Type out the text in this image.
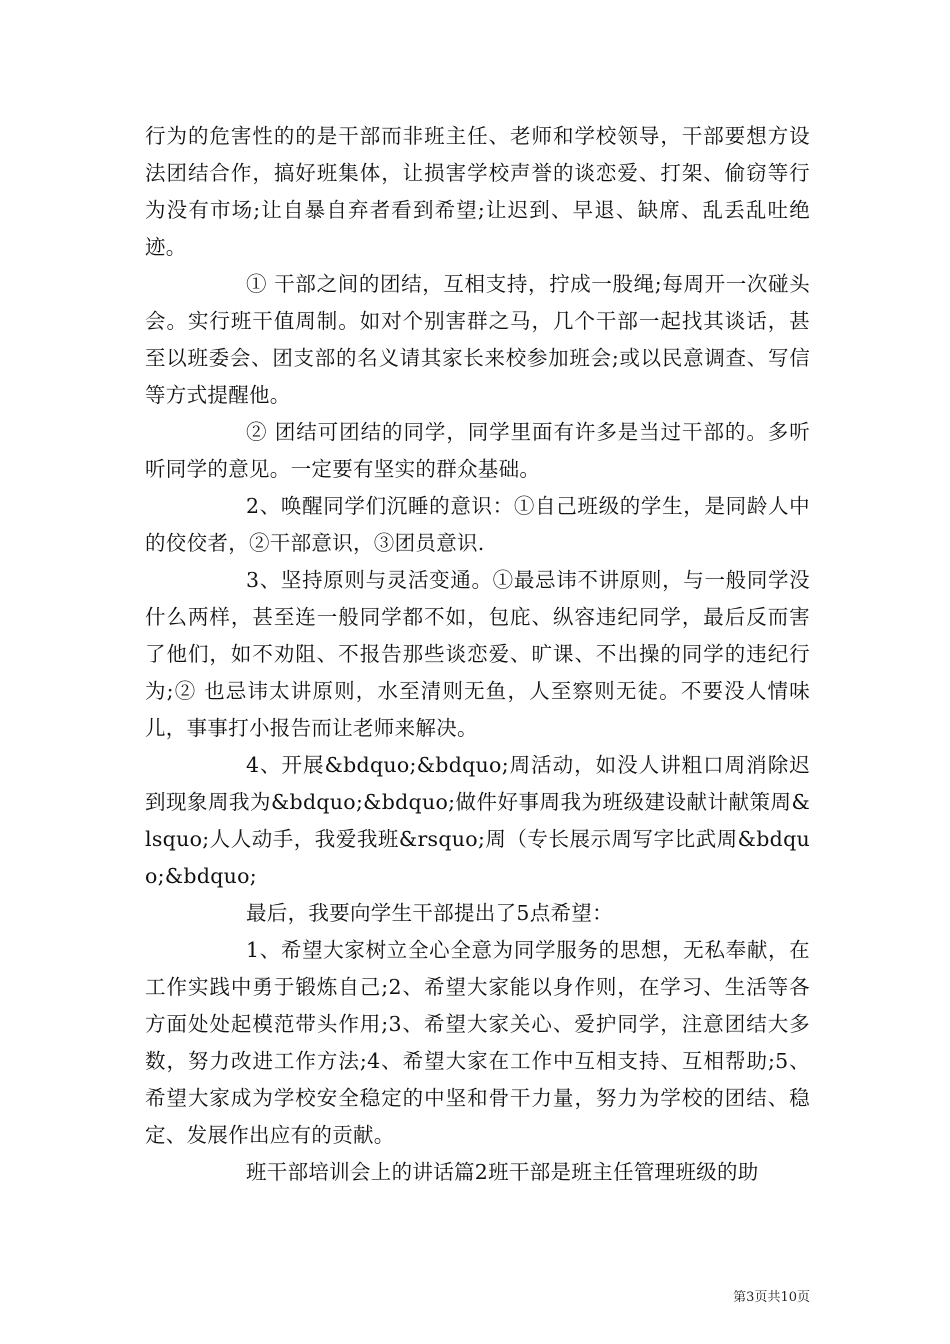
行为的危害性的的是干部而非班主任、老师和学校领导，干部要想方设法团结合作，搞好班集体，让损害学校声誉的谈恋爱、打架、偷窃等行为没有市场;让自暴自弃者看到希望;让迟到、早退、缺席、乱丢乱吐绝迹。

① 干部之间的团结，互相支持，拧成一股绳;每周开一次碰头会。实行班干值周制。如对个别害群之马，几个干部一起找其谈话，甚至以班委会、团支部的名义请其家长来校参加班会;或以民意调查、写信等方式提醒他。

② 团结可团结的同学，同学里面有许多是当过干部的。多听听同学的意见。一定要有坚实的群众基础。

2、唤醒同学们沉睡的意识：①自己班级的学生，是同龄人中的佼佼者，②干部意识，③团员意识.

3、坚持原则与灵活变通。①最忌讳不讲原则，与一般同学没什么两样，甚至连一般同学都不如，包庇、纵容违纪同学，最后反而害了他们，如不劝阻、不报告那些谈恋爱、旷课、不出操的同学的违纪行为;② 也忌讳太讲原则，水至清则无鱼，人至察则无徒。不要没人情味儿，事事打小报告而让老师来解决。

4、开展&bdquo;&bdquo;周活动，如没人讲粗口周消除迟到现象周我为&bdquo;&bdquo;做件好事周我为班级建设献计献策周&lsquo;人人动手，我爱我班&rsquo;周（专长展示周写字比武周&bdquo;&bdquo;

最后，我要向学生干部提出了5点希望：

1、希望大家树立全心全意为同学服务的思想，无私奉献，在工作实践中勇于锻炼自己;2、希望大家能以身作则，在学习、生活等各方面处处起模范带头作用;3、希望大家关心、爱护同学，注意团结大多数，努力改进工作方法;4、希望大家在工作中互相支持、互相帮助;5、希望大家成为学校安全稳定的中坚和骨干力量，努力为学校的团结、稳定、发展作出应有的贡献。

班干部培训会上的讲话篇2班干部是班主任管理班级的助

第3页共10页
